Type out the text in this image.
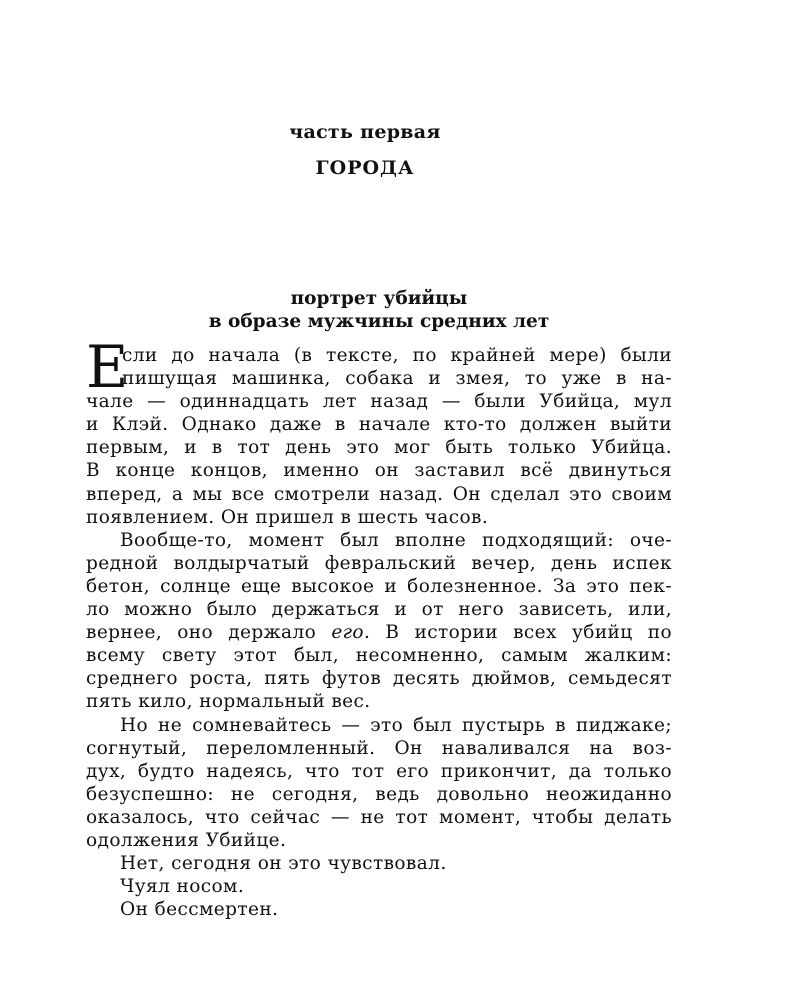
часть первая
ГОРОДА
портрет убийцы
в образе мужчины средних лет
Е
сли до начала (в тексте, по крайней мере) были
пишущая машинка, собака и змея, то уже в на-
чале — одиннадцать лет назад — были Убийца, мул
и Клэй. Однако даже в начале кто-то должен выйти
первым, и в тот день это мог быть только Убийца.
В конце концов, именно он заставил всё двинуться
вперед, а мы все смотрели назад. Он сделал это своим
появлением. Он пришел в шесть часов.
Вообще-то, момент был вполне подходящий: оче-
редной волдырчатый февральский вечер, день испек
бетон, солнце еще высокое и болезненное. За это пек-
ло можно было держаться и от него зависеть, или,
вернее, оно держало его. В истории всех убийц по
всему свету этот был, несомненно, самым жалким:
среднего роста, пять футов десять дюймов, семьдесят
пять кило, нормальный вес.
Но не сомневайтесь — это был пустырь в пиджаке;
согнутый, переломленный. Он наваливался на воз-
дух, будто надеясь, что тот его прикончит, да только
безуспешно: не сегодня, ведь довольно неожиданно
оказалось, что сейчас — не тот момент, чтобы делать
одолжения Убийце.
Нет, сегодня он это чувствовал.
Чуял носом.
Он бессмертен.
